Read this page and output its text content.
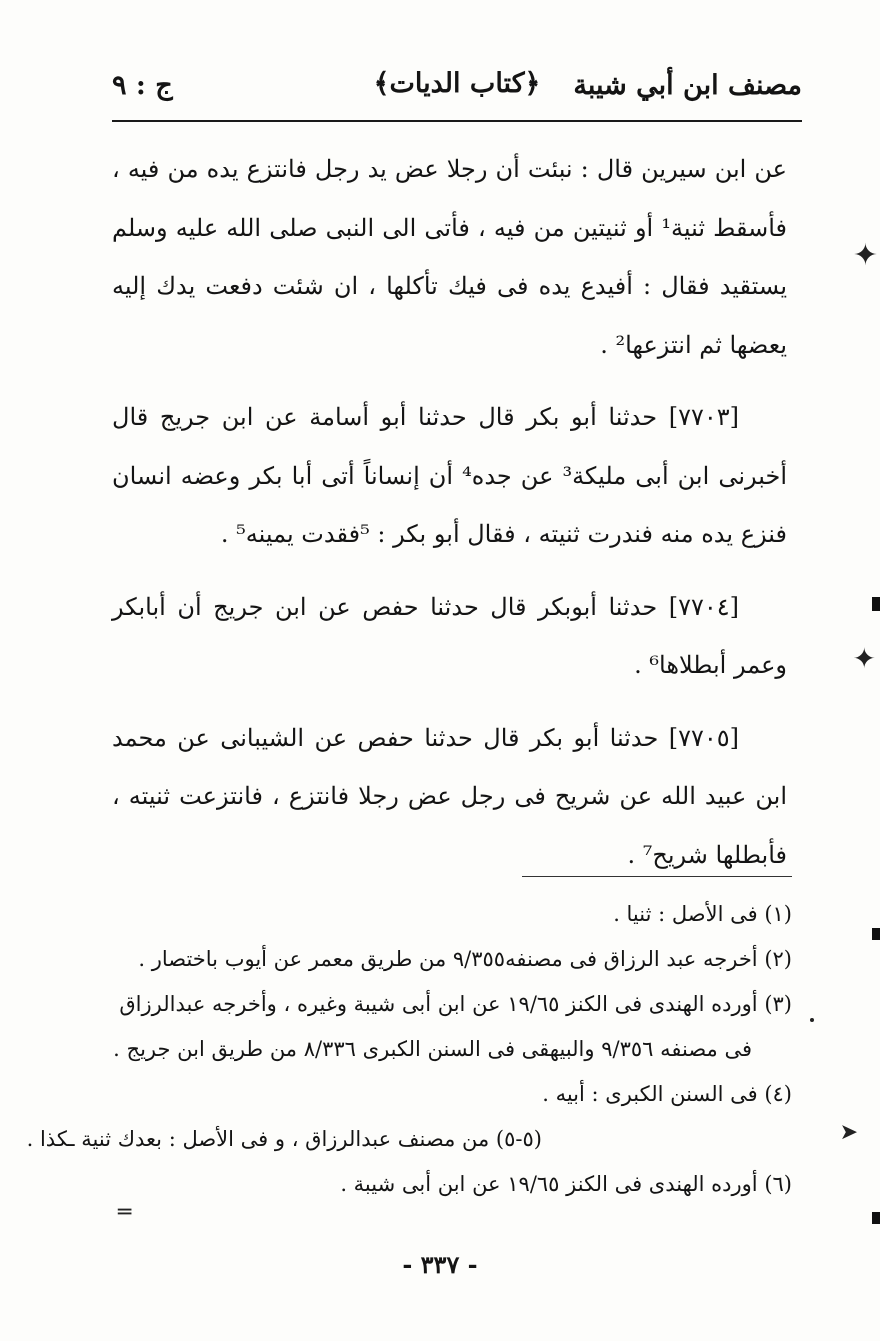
مصنف ابن أبي شيبة
﴿كتاب الديات﴾
ج : ٩

عن ابن سيرين قال : نبئت أن رجلا عض يد رجل فانتزع يده من فيه ، فأسقط ثنية¹ أو ثنيتين من فيه ، فأتى الى النبى صلى الله عليه وسلم يستقيد فقال : أفيدع يده فى فيك تأكلها ، ان شئت دفعت يدك إليه يعضها ثم انتزعها² .

[٧٧٠٣] حدثنا أبو بكر قال حدثنا أبو أسامة عن ابن جريج قال أخبرنى ابن أبى مليكة³ عن جده⁴ أن إنساناً أتى أبا بكر وعضه انسان فنزع يده منه فندرت ثنيته ، فقال أبو بكر : ⁵فقدت يمينه⁵ .

[٧٧٠٤] حدثنا أبوبكر قال حدثنا حفص عن ابن جريج أن أبابكر وعمر أبطلاها⁶ .

[٧٧٠٥] حدثنا أبو بكر قال حدثنا حفص عن الشيبانى عن محمد ابن عبيد الله عن شريح فى رجل عض رجلا فانتزع ، فانتزعت ثنيته ، فأبطلها شريح⁷ .

(١) فى الأصل : ثنيا .

(٢) أخرجه عبد الرزاق فى مصنفه٩/٣٥٥ من طريق معمر عن أيوب باختصار .

(٣) أورده الهندى فى الكنز ١٩/٦٥ عن ابن أبى شيبة وغيره ، وأخرجه عبدالرزاق

فى مصنفه ٩/٣٥٦ والبيهقى فى السنن الكبرى ٨/٣٣٦ من طريق ابن جريج .

(٤) فى السنن الكبرى : أبيه .

(٥-٥) من مصنف عبدالرزاق ، و فى الأصل : بعدك ثنية ـكذا .

(٦) أورده الهندى فى الكنز ١٩/٦٥ عن ابن أبى شيبة .

- ٣٣٧ -
✦
✦
➤
═
